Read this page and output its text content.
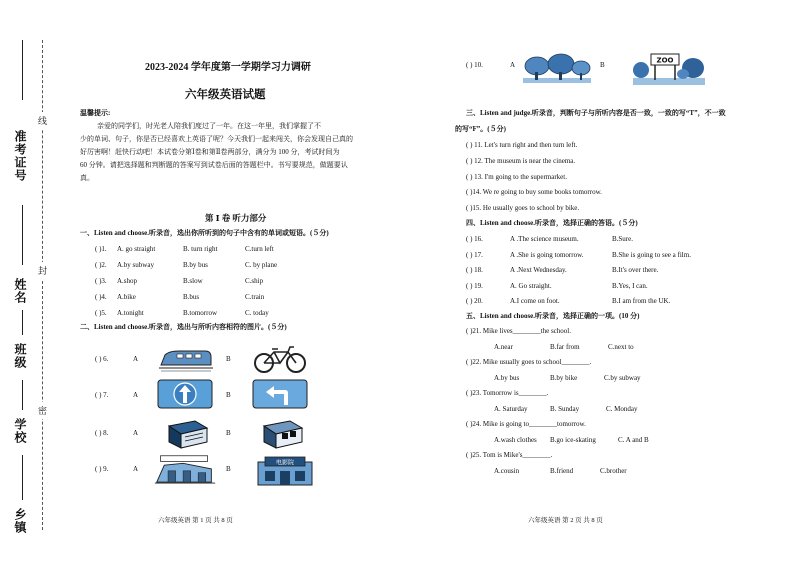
准考证号
姓名
班级
学校
乡镇
线
封
密
2023-2024 学年度第一学期学习力调研
六年级英语试题
温馨提示:
亲爱的同学们，时光老人陪我们度过了一年。在这一年里，我们掌握了不
少的单词、句子，你是否已经喜欢上英语了呢？今天我们一起来闯关，你会发现自己真的
好厉害啊！赶快行动吧！本试卷分第Ⅰ卷和第Ⅱ卷两部分，满分为 100 分，考试时间为
60 分钟。请把选择题和判断题的答案写到试卷后面的答题栏中。书写要规范，做题要认
真。
第 Ⅰ 卷 听力部分
一、Listen and choose.听录音，选出你所听到的句子中含有的单词或短语。(５分)
( )1. A. go straight	B. turn right	C.turn left
( )2. A.by subway	B.by bus	C. by plane
( )3. A.shop	B.slow	C.ship
( )4. A.bike	B.bus	C.train
( )5. A.tonight	B.tomorrow	C. today
二、Listen and choose.听录音，选出与所听内容相符的图片。(５分)
( ) 6.	A	B
( ) 7.	A	B
( ) 8.	A	B
( ) 9.	A	B
电影院
六年级英语 第 1 页 共 8 页
( ) 10.	A	B
ZOO
三、Listen and judge.听录音，判断句子与所听内容是否一致，一致的写“T”，不一致
的写“F”。(５分)
( ) 11. Let's turn right and then turn left.
( ) 12. The museum is near the cinema.
( ) 13. I'm going to the supermarket.
( )14. We re going to buy some books tomorrow.
( )15. He usually goes to school by bike.
四、Listen and choose.听录音，选择正确的答语。(５分)
( ) 16.	A .The science museum.	B.Sure.
( ) 17.	A .She is going tomorrow.	B.She is going to see a film.
( ) 18.	A .Next Wednesday.	B.It's over there.
( ) 19.	A. Go straight.	B.Yes, I can.
( ) 20.	A.I come on foot.	B.I am from the UK.
五、Listen and choose.听录音，选择正确的一项。(10 分)
( )21. Mike lives________the school.
A.near	B.far from	C.next to
( )22. Mike usually goes to school________.
A.by bus	B.by bike	C.by subway
( )23. Tomorrow is________.
A. Saturday	B. Sunday	C. Monday
( )24. Mike is going to________tomorrow.
A.wash clothes B.go ice-skating	C. A and B
( )25. Tom is Mike's________.
A.cousin	B.friend	C.brother
六年级英语 第 2 页 共 8 页
